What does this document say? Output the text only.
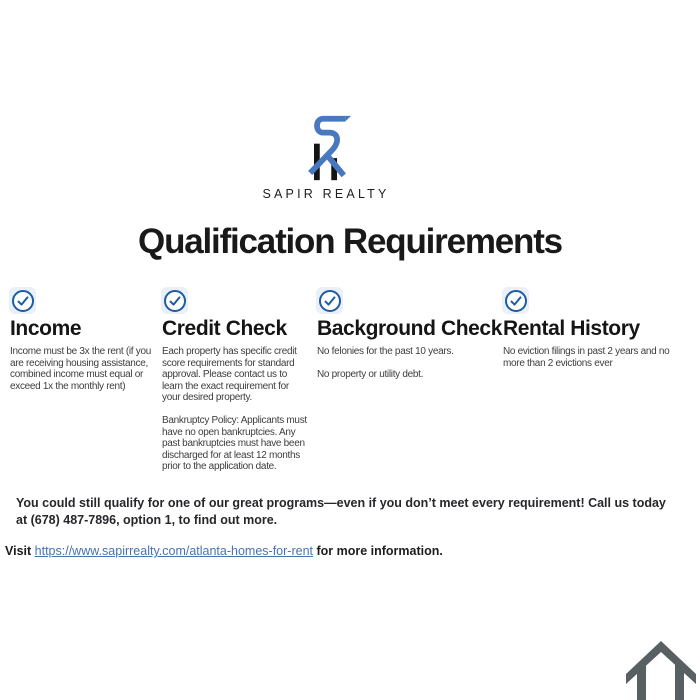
SAPIR REALTY
Qualification Requirements
Income

Income must be 3x the rent (if you are receiving housing assistance, combined income must equal or exceed 1x the monthly rent)

Credit Check

Each property has specific credit score requirements for standard approval. Please contact us to learn the exact requirement for your desired property.

Bankruptcy Policy: Applicants must have no open bankruptcies. Any past bankruptcies must have been discharged for at least 12 months prior to the application date.

Background Check

No felonies for the past 10 years.

No property or utility debt.

Rental History

No eviction filings in past 2 years and no more than 2 evictions ever

You could still qualify for one of our great programs—even if you don’t meet every requirement! Call us today at (678) 487-7896, option 1, to find out more.
Visit https://www.sapirrealty.com/atlanta-homes-for-rent for more information.
